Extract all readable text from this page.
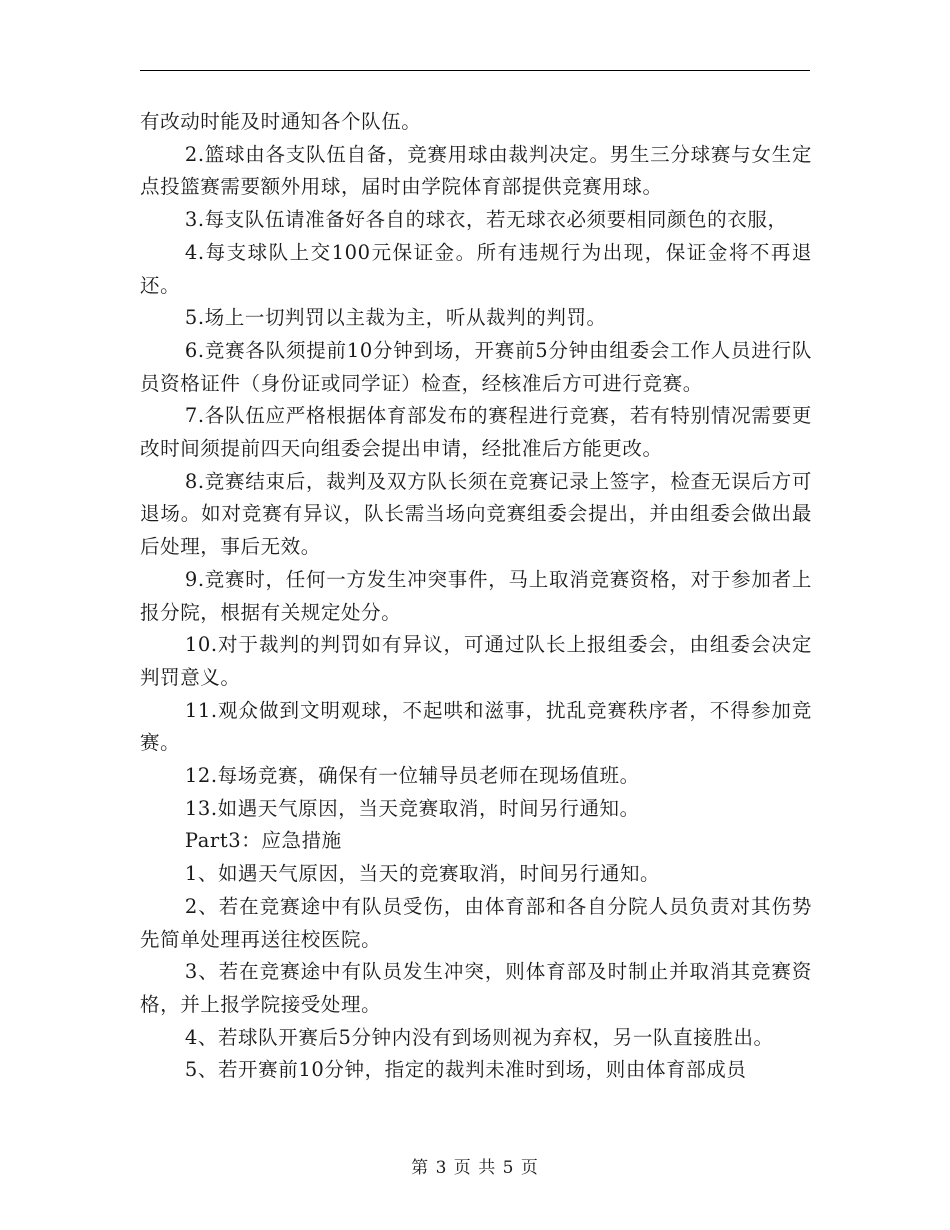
有改动时能及时通知各个队伍。

2.篮球由各支队伍自备，竞赛用球由裁判决定。男生三分球赛与女生定点投篮赛需要额外用球，届时由学院体育部提供竞赛用球。

3.每支队伍请准备好各自的球衣，若无球衣必须要相同颜色的衣服，

4.每支球队上交100元保证金。所有违规行为出现，保证金将不再退还。

5.场上一切判罚以主裁为主，听从裁判的判罚。

6.竞赛各队须提前10分钟到场，开赛前5分钟由组委会工作人员进行队员资格证件（身份证或同学证）检查，经核准后方可进行竞赛。

7.各队伍应严格根据体育部发布的赛程进行竞赛，若有特别情况需要更改时间须提前四天向组委会提出申请，经批准后方能更改。

8.竞赛结束后，裁判及双方队长须在竞赛记录上签字，检查无误后方可退场。如对竞赛有异议，队长需当场向竞赛组委会提出，并由组委会做出最后处理，事后无效。

9.竞赛时，任何一方发生冲突事件，马上取消竞赛资格，对于参加者上报分院，根据有关规定处分。

10.对于裁判的判罚如有异议，可通过队长上报组委会，由组委会决定判罚意义。

11.观众做到文明观球，不起哄和滋事，扰乱竞赛秩序者，不得参加竞赛。

12.每场竞赛，确保有一位辅导员老师在现场值班。

13.如遇天气原因，当天竞赛取消，时间另行通知。

Part3：应急措施

1、如遇天气原因，当天的竞赛取消，时间另行通知。

2、若在竞赛途中有队员受伤，由体育部和各自分院人员负责对其伤势先简单处理再送往校医院。

3、若在竞赛途中有队员发生冲突，则体育部及时制止并取消其竞赛资格，并上报学院接受处理。

4、若球队开赛后5分钟内没有到场则视为弃权，另一队直接胜出。

5、若开赛前10分钟，指定的裁判未准时到场，则由体育部成员

第 3 页 共 5 页
